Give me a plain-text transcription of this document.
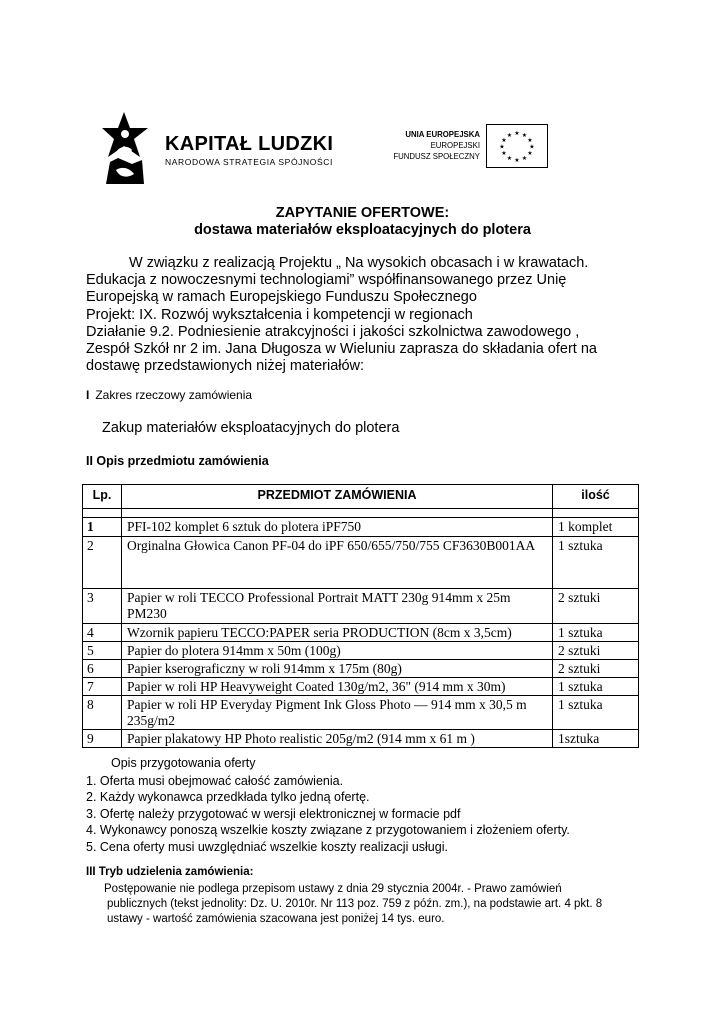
KAPITAŁ LUDZKI
NARODOWA STRATEGIA SPÓJNOŚCI
UNIA EUROPEJSKA
EUROPEJSKI
FUNDUSZ SPOŁECZNY
★ ★
★
★
★
★
★
★
★
★
★
★
ZAPYTANIE OFERTOWE:
dostawa materiałów eksploatacyjnych do plotera
W związku z realizacją Projektu „ Na wysokich obcasach i w krawatach.
Edukacja z nowoczesnymi technologiami” współfinansowanego przez Unię
Europejską w ramach Europejskiego Funduszu Społecznego
Projekt: IX. Rozwój wykształcenia i kompetencji w regionach
Działanie 9.2. Podniesienie atrakcyjności i jakości szkolnictwa zawodowego ,
Zespół Szkół nr 2 im. Jana Długosza w Wieluniu zaprasza do składania ofert na
dostawę przedstawionych niżej materiałów:
I Zakres rzeczowy zamówienia
Zakup materiałów eksploatacyjnych do plotera
II Opis przedmiotu zamówienia
Lp.	PRZEDMIOT ZAMÓWIENIA	ilość

1	PFI-102 komplet 6 sztuk do plotera iPF750	1 komplet
2	Orginalna Głowica Canon PF-04 do iPF 650/655/750/755 CF3630B001AA	1 sztuka
3	Papier w roli TECCO Professional Portrait MATT 230g 914mm x 25m PM230	2 sztuki
4	Wzornik papieru TECCO:PAPER seria PRODUCTION (8cm x 3,5cm)	1 sztuka
5	Papier do plotera 914mm x 50m (100g)	2 sztuki
6	Papier kserograficzny w roli 914mm x 175m (80g)	2 sztuki
7	Papier w roli HP Heavyweight Coated 130g/m2, 36" (914 mm x 30m)	1 sztuka
8	Papier w roli HP Everyday Pigment Ink Gloss Photo — 914 mm x 30,5 m 235g/m2	1 sztuka
9	Papier plakatowy HP Photo realistic 205g/m2 (914 mm x 61 m )	1sztuka
Opis przygotowania oferty
1. Oferta musi obejmować całość zamówienia.
2. Każdy wykonawca przedkłada tylko jedną ofertę.
3. Ofertę należy przygotować w wersji elektronicznej w formacie pdf
4. Wykonawcy ponoszą wszelkie koszty związane z przygotowaniem i złożeniem oferty.
5. Cena oferty musi uwzględniać wszelkie koszty realizacji usługi.
III Tryb udzielenia zamówienia:
Postępowanie nie podlega przepisom ustawy z dnia 29 stycznia 2004r. - Prawo zamówień
publicznych (tekst jednolity: Dz. U. 2010r. Nr 113 poz. 759 z późn. zm.), na podstawie art. 4 pkt. 8
ustawy - wartość zamówienia szacowana jest poniżej 14 tys. euro.
